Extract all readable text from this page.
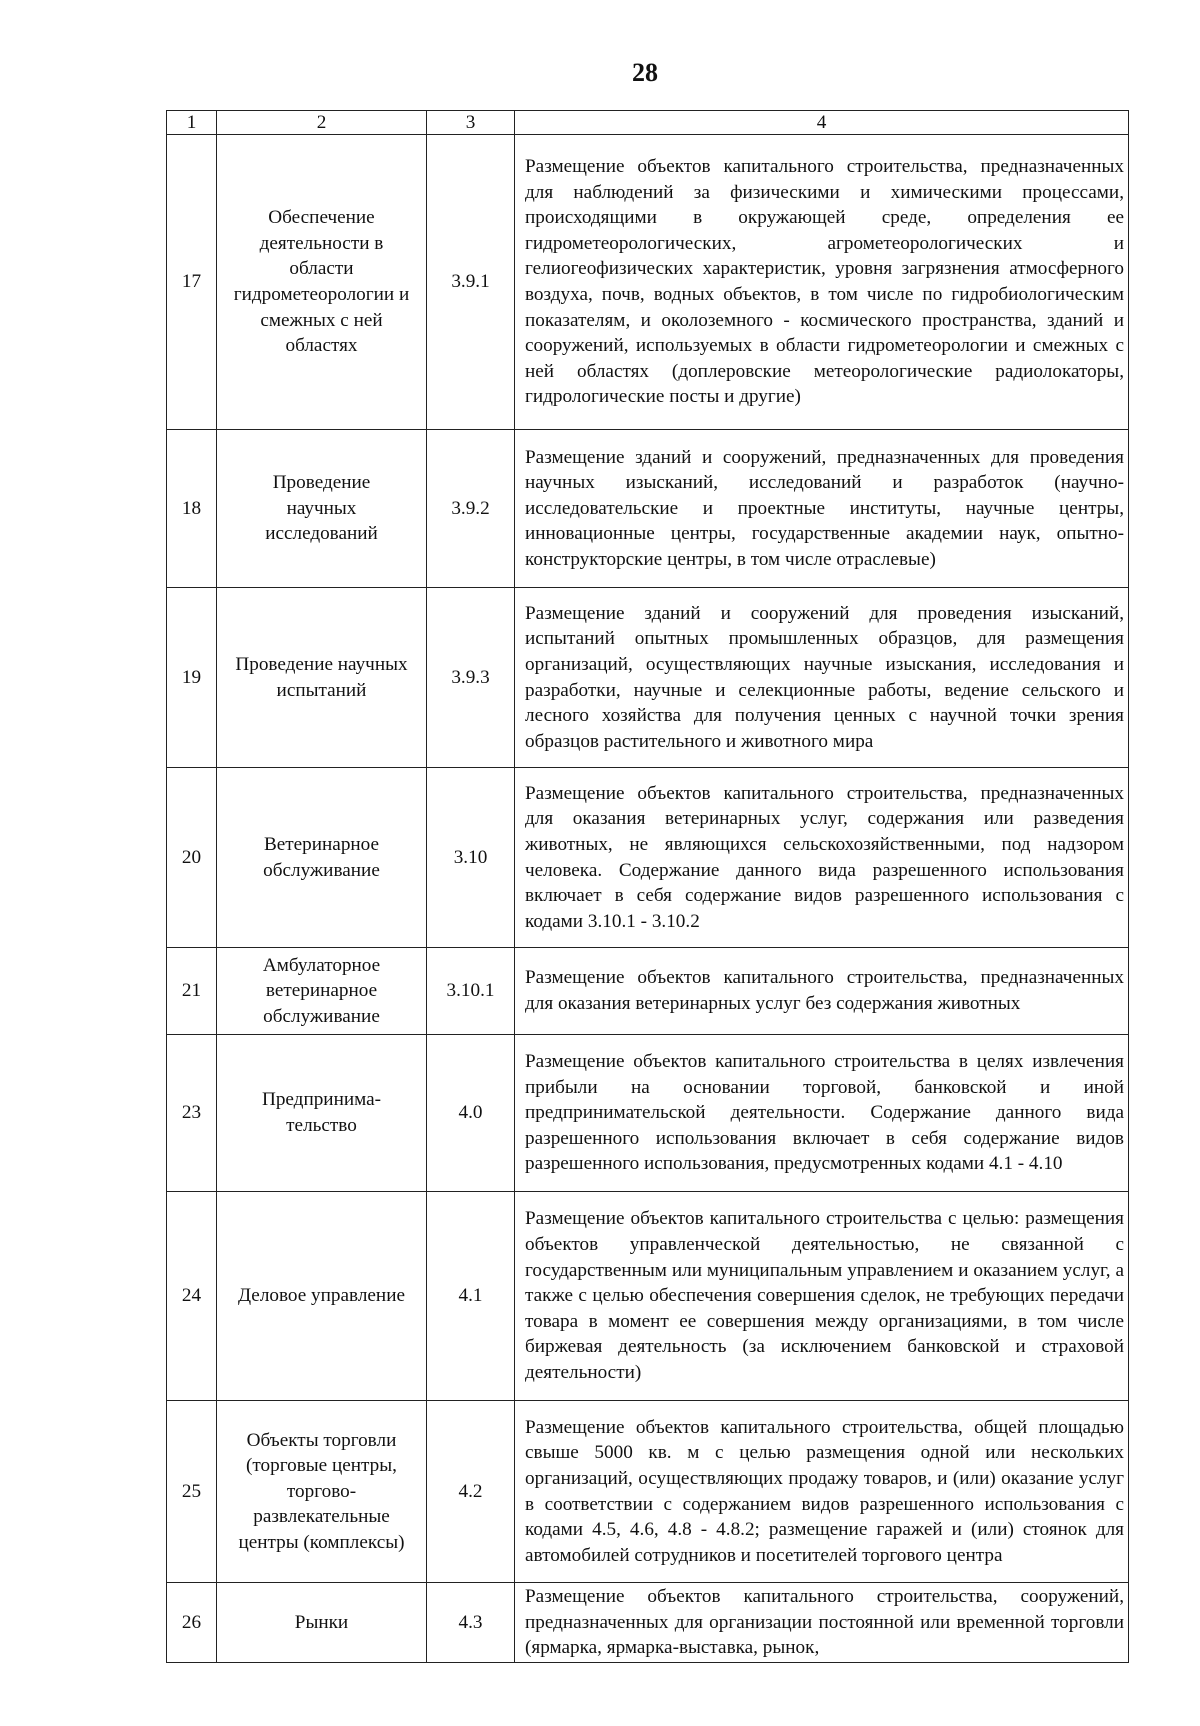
28
1	2	3	4
17	Обеспечение деятельности в области гидрометеорологии и смежных с ней областях	3.9.1	Размещение объектов капитального строительства, предназначенных для наблюдений за физическими и химическими процессами, происходящими в окружающей среде, определения ее гидрометеорологических, агрометеорологических и гелиогеофизических характеристик, уровня загрязнения атмосферного воздуха, почв, водных объектов, в том числе по гидробиологическим показателям, и околоземного - космического пространства, зданий и сооружений, используемых в области гидрометеорологии и смежных с ней областях (доплеровские метеорологические радиолокаторы, гидрологические посты и другие)
18	Проведение научных исследований	3.9.2	Размещение зданий и сооружений, предназначенных для проведения научных изысканий, исследований и разработок (научно-исследовательские и проектные институты, научные центры, инновационные центры, государственные академии наук, опытно-конструкторские центры, в том числе отраслевые)
19	Проведение научных испытаний	3.9.3	Размещение зданий и сооружений для проведения изысканий, испытаний опытных промышленных образцов, для размещения организаций, осуществляющих научные изыскания, исследования и разработки, научные и селекционные работы, ведение сельского и лесного хозяйства для получения ценных с научной точки зрения образцов растительного и животного мира
20	Ветеринарное обслуживание	3.10	Размещение объектов капитального строительства, предназначенных для оказания ветеринарных услуг, содержания или разведения животных, не являющихся сельскохозяйственными, под надзором человека. Содержание данного вида разрешенного использования включает в себя содержание видов разрешенного использования с кодами 3.10.1 - 3.10.2
21	Амбулаторное ветеринарное обслуживание	3.10.1	Размещение объектов капитального строительства, предназначенных для оказания ветеринарных услуг без содержания животных
23	Предпринима-тельство	4.0	Размещение объектов капитального строительства в целях извлечения прибыли на основании торговой, банковской и иной предпринимательской деятельности. Содержание данного вида разрешенного использования включает в себя содержание видов разрешенного использования, предусмотренных кодами 4.1 - 4.10
24	Деловое управление	4.1	Размещение объектов капитального строительства с целью: размещения объектов управленческой деятельностью, не связанной с государственным или муниципальным управлением и оказанием услуг, а также с целью обеспечения совершения сделок, не требующих передачи товара в момент ее совершения между организациями, в том числе биржевая деятельность (за исключением банковской и страховой деятельности)
25	Объекты торговли (торговые центры, торгово-развлекательные центры (комплексы)	4.2	Размещение объектов капитального строительства, общей площадью свыше 5000 кв. м с целью размещения одной или нескольких организаций, осуществляющих продажу товаров, и (или) оказание услуг в соответствии с содержанием видов разрешенного использования с кодами 4.5, 4.6, 4.8 - 4.8.2; размещение гаражей и (или) стоянок для автомобилей сотрудников и посетителей торгового центра
26	Рынки	4.3	Размещение объектов капитального строительства, сооружений, предназначенных для организации постоянной или временной торговли (ярмарка, ярмарка-выставка, рынок,
